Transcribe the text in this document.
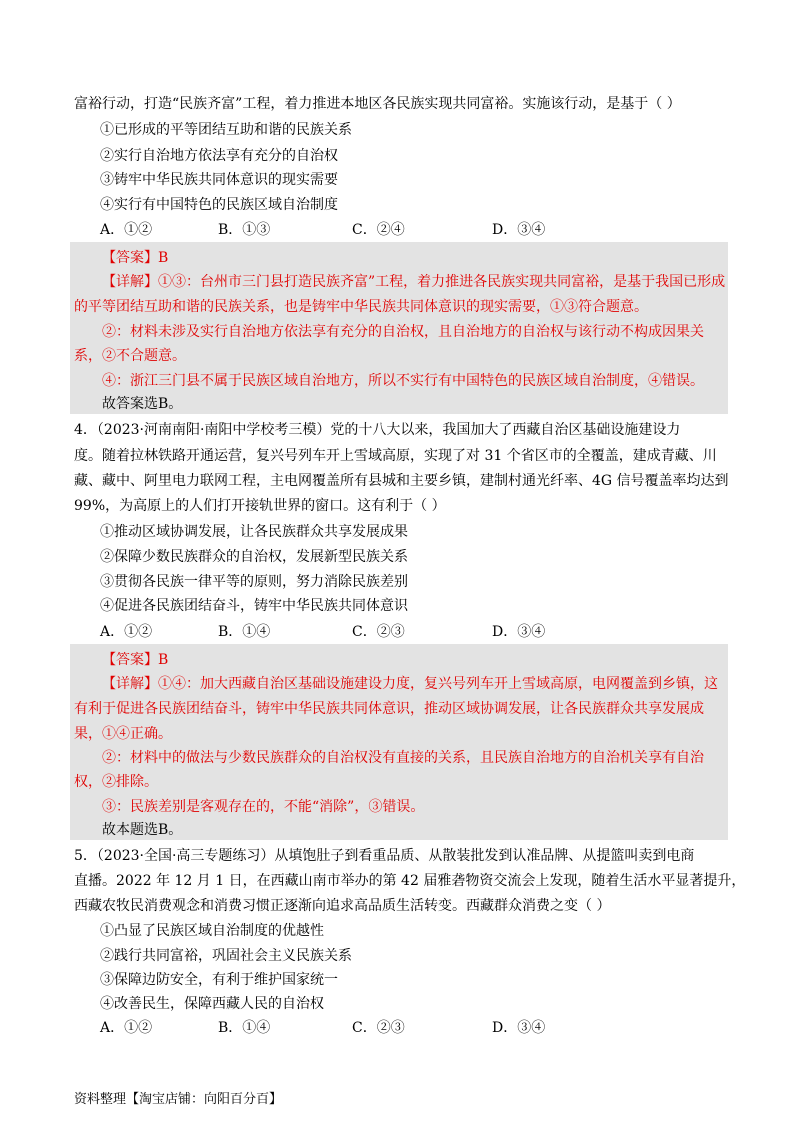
富裕行动，打造“民族齐富”工程，着力推进本地区各民族实现共同富裕。实施该行动，是基于（ ）
①已形成的平等团结互助和谐的民族关系
②实行自治地方依法享有充分的自治权
③铸牢中华民族共同体意识的现实需要
④实行有中国特色的民族区域自治制度
A．①②	B．①③	C．②④	D．③④
【答案】B
【详解】①③：台州市三门县打造民族齐富”工程，着力推进各民族实现共同富裕，是基于我国已形成
的平等团结互助和谐的民族关系，也是铸牢中华民族共同体意识的现实需要，①③符合题意。
②：材料未涉及实行自治地方依法享有充分的自治权，且自治地方的自治权与该行动不构成因果关
系，②不合题意。
④：浙江三门县不属于民族区域自治地方，所以不实行有中国特色的民族区域自治制度，④错误。
故答案选B。
4．（2023·河南南阳·南阳中学校考三模）党的十八大以来，我国加大了西藏自治区基础设施建设力
度。随着拉林铁路开通运营，复兴号列车开上雪域高原，实现了对 31 个省区市的全覆盖，建成青藏、川
藏、藏中、阿里电力联网工程，主电网覆盖所有县城和主要乡镇，建制村通光纤率、4G 信号覆盖率均达到
99%，为高原上的人们打开接轨世界的窗口。这有利于（ ）
①推动区域协调发展，让各民族群众共享发展成果
②保障少数民族群众的自治权，发展新型民族关系
③贯彻各民族一律平等的原则，努力消除民族差别
④促进各民族团结奋斗，铸牢中华民族共同体意识
A．①②	B．①④	C．②③	D．③④
【答案】B
【详解】①④：加大西藏自治区基础设施建设力度，复兴号列车开上雪域高原，电网覆盖到乡镇，这
有利于促进各民族团结奋斗，铸牢中华民族共同体意识，推动区域协调发展，让各民族群众共享发展成
果，①④正确。
②：材料中的做法与少数民族群众的自治权没有直接的关系，且民族自治地方的自治机关享有自治
权，②排除。
③：民族差别是客观存在的，不能“消除”，③错误。
故本题选B。
5．（2023·全国·高三专题练习）从填饱肚子到看重品质、从散装批发到认准品牌、从提篮叫卖到电商
直播。2022 年 12 月 1 日，在西藏山南市举办的第 42 届雅砻物资交流会上发现，随着生活水平显著提升，
西藏农牧民消费观念和消费习惯正逐渐向追求高品质生活转变。西藏群众消费之变（ ）
①凸显了民族区域自治制度的优越性
②践行共同富裕，巩固社会主义民族关系
③保障边防安全，有利于维护国家统一
④改善民生，保障西藏人民的自治权
A．①②	B．①④	C．②③	D．③④
资料整理【淘宝店铺：向阳百分百】
